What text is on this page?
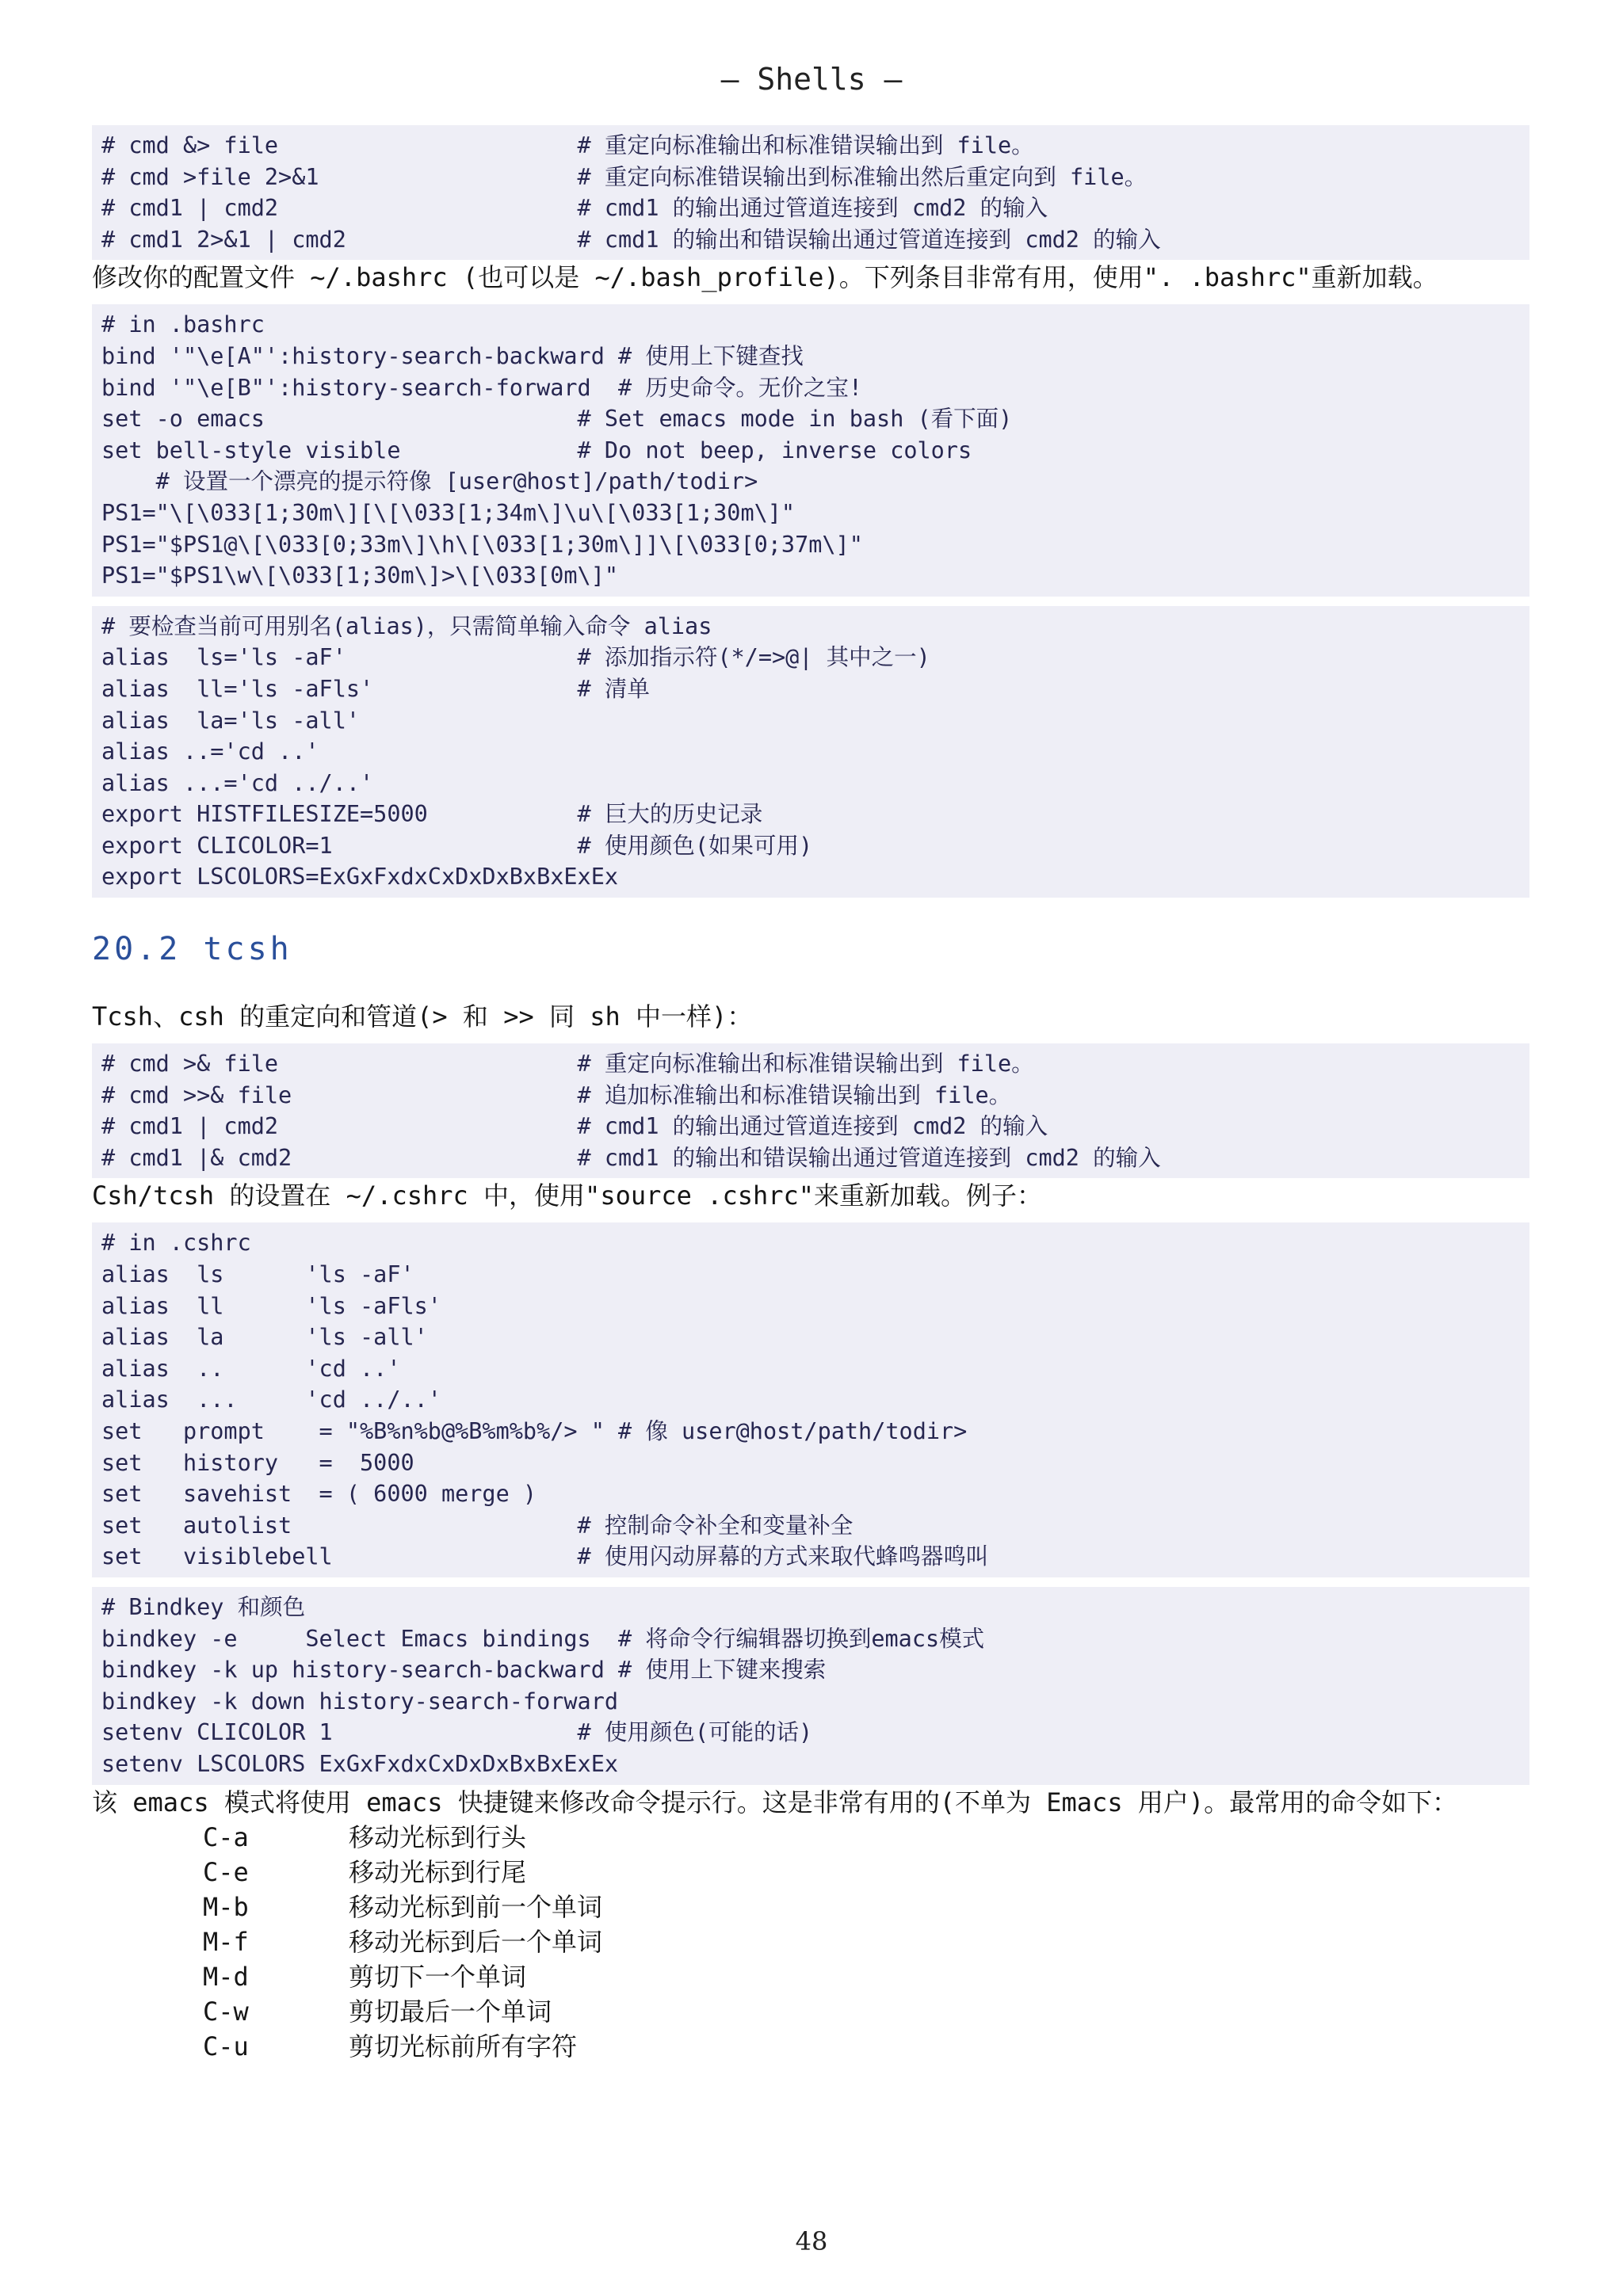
— Shells —
# cmd &> file                      # 重定向标准输出和标准错误输出到 file。
# cmd >file 2>&1                   # 重定向标准错误输出到标准输出然后重定向到 file。
# cmd1 | cmd2                      # cmd1 的输出通过管道连接到 cmd2 的输入
# cmd1 2>&1 | cmd2                 # cmd1 的输出和错误输出通过管道连接到 cmd2 的输入

修改你的配置文件 ~/.bashrc (也可以是 ~/.bash_profile)。下列条目非常有用，使用". .bashrc"重新加载。

# in .bashrc
bind '"\e[A"':history-search-backward # 使用上下键查找
bind '"\e[B"':history-search-forward  # 历史命令。无价之宝!
set -o emacs                       # Set emacs mode in bash (看下面)
set bell-style visible             # Do not beep, inverse colors
# 设置一个漂亮的提示符像 [user@host]/path/todir>
PS1="\[\033[1;30m\][\[\033[1;34m\]\u\[\033[1;30m\]"
PS1="$PS1@\[\033[0;33m\]\h\[\033[1;30m\]]\[\033[0;37m\]"
PS1="$PS1\w\[\033[1;30m\]>\[\033[0m\]"
# 要检查当前可用别名(alias)，只需简单输入命令 alias
alias  ls='ls -aF'                 # 添加指示符(*/=>@| 其中之一)
alias  ll='ls -aFls'               # 清单
alias  la='ls -all'
alias ..='cd ..'
alias ...='cd ../..'
export HISTFILESIZE=5000           # 巨大的历史记录
export CLICOLOR=1                  # 使用颜色(如果可用)
export LSCOLORS=ExGxFxdxCxDxDxBxBxExEx

20.2 tcsh

Tcsh、csh 的重定向和管道(> 和 >> 同 sh 中一样)：

# cmd >& file                      # 重定向标准输出和标准错误输出到 file。
# cmd >>& file                     # 追加标准输出和标准错误输出到 file。
# cmd1 | cmd2                      # cmd1 的输出通过管道连接到 cmd2 的输入
# cmd1 |& cmd2                     # cmd1 的输出和错误输出通过管道连接到 cmd2 的输入

Csh/tcsh 的设置在 ~/.cshrc 中，使用"source .cshrc"来重新加载。例子：

# in .cshrc
alias  ls      'ls -aF'
alias  ll      'ls -aFls'
alias  la      'ls -all'
alias  ..      'cd ..'
alias  ...     'cd ../..'
set   prompt    = "%B%n%b@%B%m%b%/> " # 像 user@host/path/todir>
set   history   =  5000
set   savehist  = ( 6000 merge )
set   autolist                     # 控制命令补全和变量补全
set   visiblebell                  # 使用闪动屏幕的方式来取代蜂鸣器鸣叫
# Bindkey 和颜色
bindkey -e     Select Emacs bindings  # 将命令行编辑器切换到emacs模式
bindkey -k up history-search-backward # 使用上下键来搜索
bindkey -k down history-search-forward
setenv CLICOLOR 1                  # 使用颜色(可能的话)
setenv LSCOLORS ExGxFxdxCxDxDxBxBxExEx

该 emacs 模式将使用 emacs 快捷键来修改命令提示行。这是非常有用的(不单为 Emacs 用户)。最常用的命令如下：

C-a	移动光标到行头
C-e	移动光标到行尾
M-b	移动光标到前一个单词
M-f	移动光标到后一个单词
M-d	剪切下一个单词
C-w	剪切最后一个单词
C-u	剪切光标前所有字符
48
